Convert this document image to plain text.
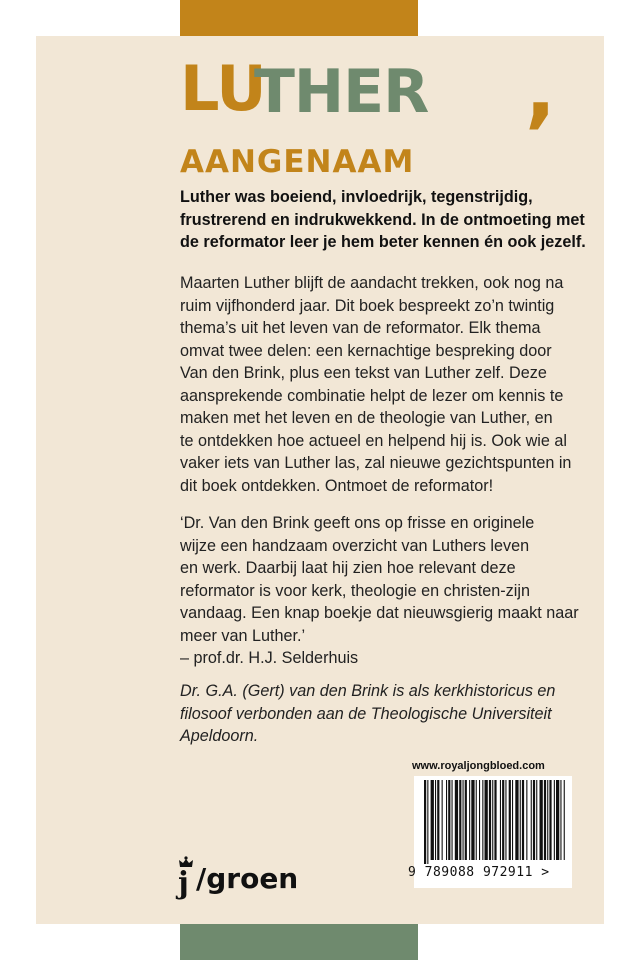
LU
THER ,
AANGENAAM
Luther was boeiend, invloedrijk, tegenstrijdig,
frustrerend en indrukwekkend. In de ontmoeting met
de reformator leer je hem beter kennen én ook jezelf.
Maarten Luther blijft de aandacht trekken, ook nog na
ruim vijfhonderd jaar. Dit boek bespreekt zo’n twintig
thema’s uit het leven van de reformator. Elk thema
omvat twee delen: een kernachtige bespreking door
Van den Brink, plus een tekst van Luther zelf. Deze
aansprekende combinatie helpt de lezer om kennis te
maken met het leven en de theologie van Luther, en
te ontdekken hoe actueel en helpend hij is. Ook wie al
vaker iets van Luther las, zal nieuwe gezichtspunten in
dit boek ontdekken. Ontmoet de reformator!
‘Dr. Van den Brink geeft ons op frisse en originele
wijze een handzaam overzicht van Luthers leven
en werk. Daarbij laat hij zien hoe relevant deze
reformator is voor kerk, theologie en christen-zijn
vandaag. Een knap boekje dat nieuwsgierig maakt naar
meer van Luther.’
– prof.dr. H.J. Selderhuis
Dr. G.A. (Gert) van den Brink is als kerkhistoricus en
filosoof verbonden aan de Theologische Universiteit
Apeldoorn.
www.royaljongbloed.com
9 789088 972911 >
j /groen
